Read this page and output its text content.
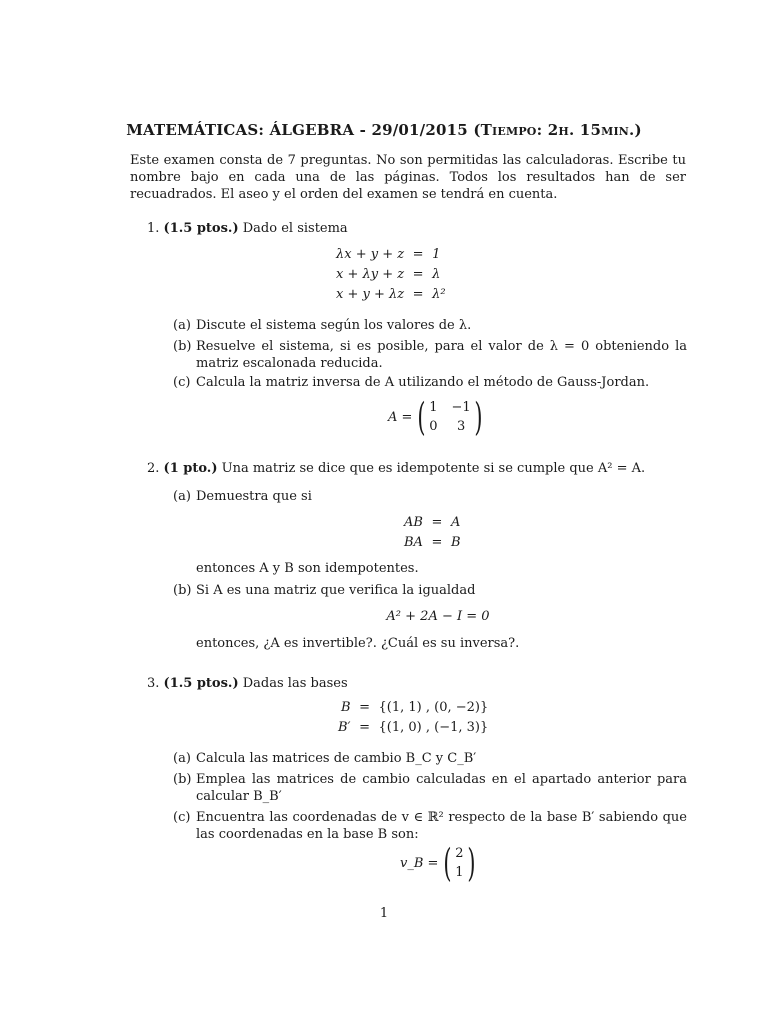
MATEMÁTICAS: ÁLGEBRA - 29/01/2015 (Tiempo: 2h. 15min.)
Este examen consta de 7 preguntas. No son permitidas las calculadoras. Escribe tu nombre bajo en cada una de las páginas. Todos los resultados han de ser recuadrados. El aseo y el orden del examen se tendrá en cuenta.
1. (1.5 ptos.) Dado el sistema
λx + y + z = 1
x + λy + z = λ
x + y + λz = λ²
(a) Discute el sistema según los valores de λ.
(b) Resuelve el sistema, si es posible, para el valor de λ = 0 obteniendo la matriz escalonada reducida.
(c) Calcula la matriz inversa de A utilizando el método de Gauss-Jordan.
A = ( 1 −1
0	3 )
2. (1 pto.) Una matriz se dice que es idempotente si se cumple que A² = A.
(a) Demuestra que si
AB = A
BA = B
entonces A y B son idempotentes.
(b) Si A es una matriz que verifica la igualdad
A² + 2A − I = 0
entonces, ¿A es invertible?. ¿Cuál es su inversa?.
3. (1.5 ptos.) Dadas las bases
B = {(1, 1) , (0, −2)}
B′ = {(1, 0) , (−1, 3)}
(a) Calcula las matrices de cambio B_C y C_B′
(b) Emplea las matrices de cambio calculadas en el apartado anterior para calcular B_B′
(c) Encuentra las coordenadas de v ∈ ℝ² respecto de la base B′ sabiendo que las coordenadas en la base B son:
v_B = ( 2
1 )
1
